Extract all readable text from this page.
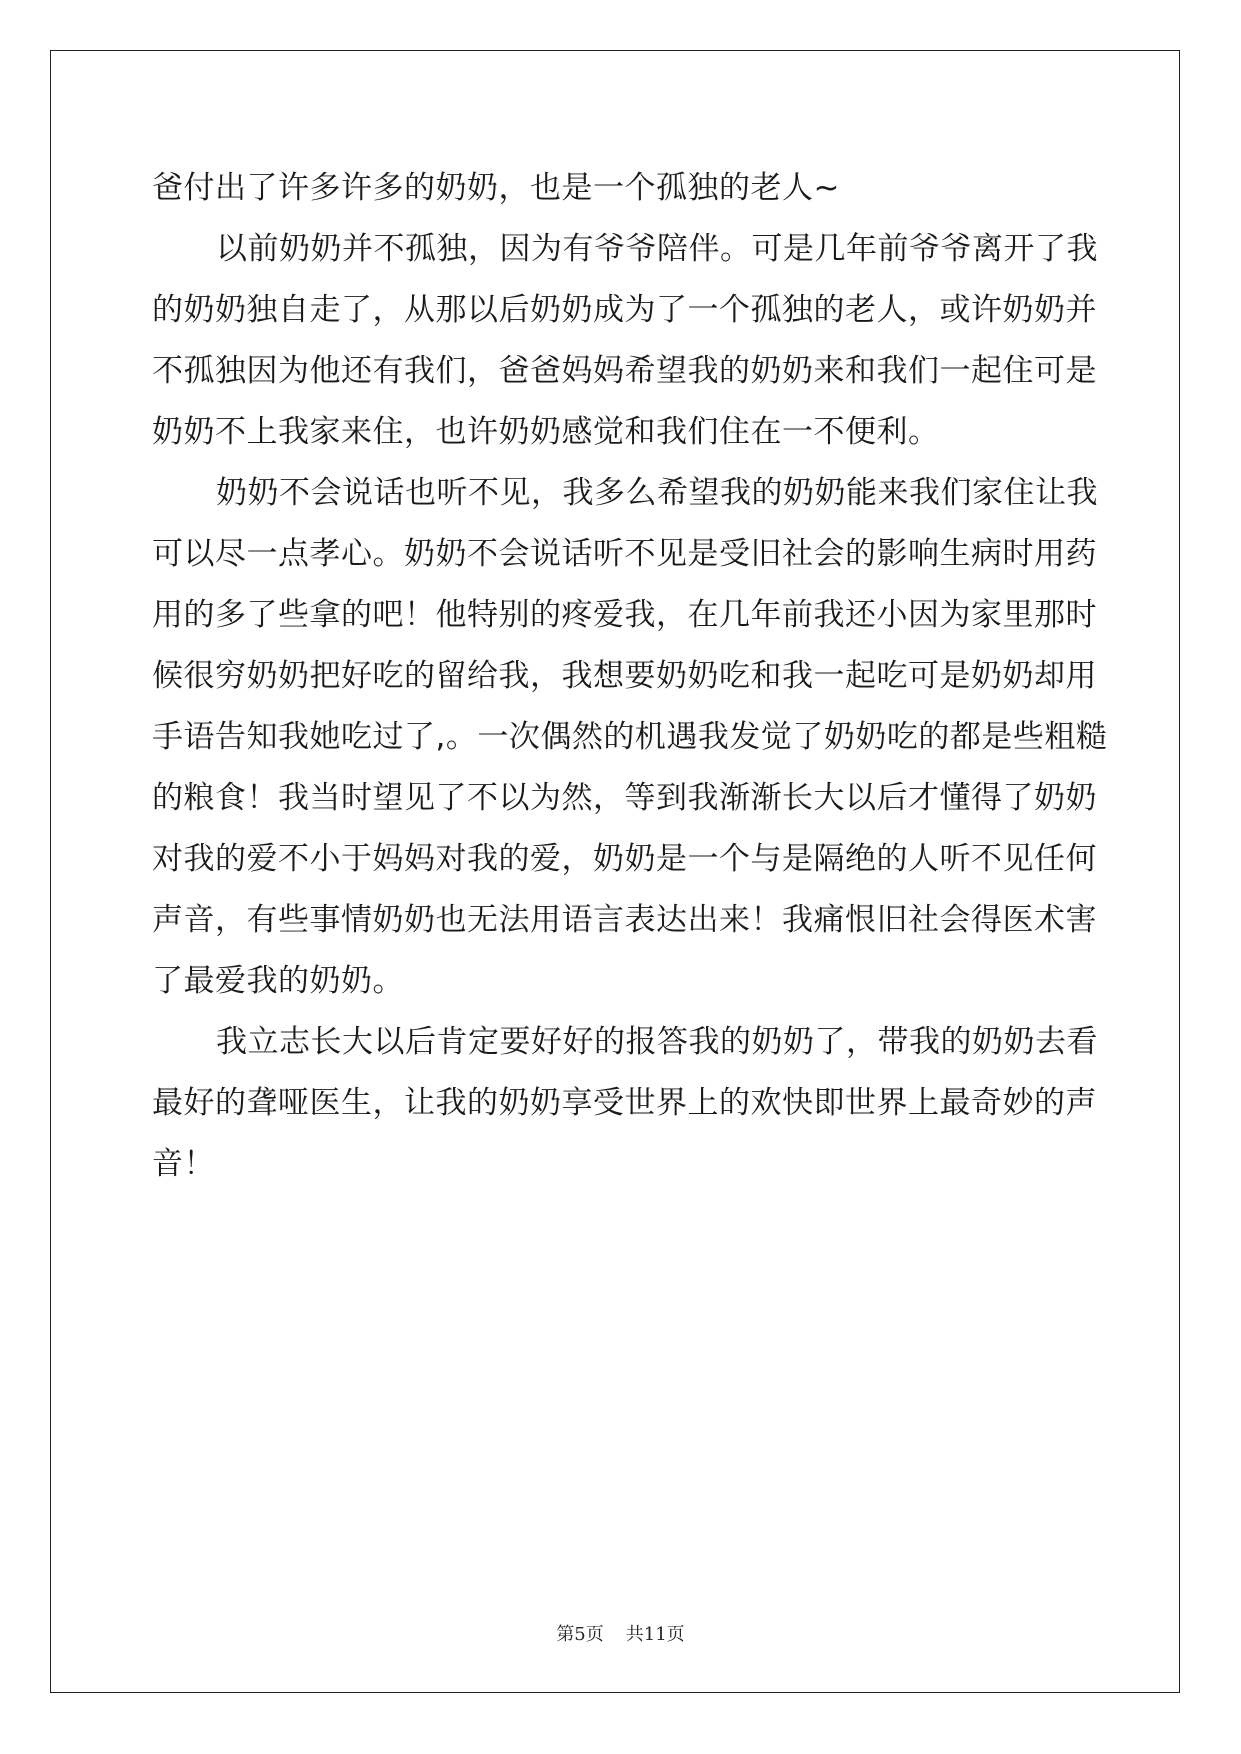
爸付出了许多许多的奶奶，也是一个孤独的老人~
以前奶奶并不孤独，因为有爷爷陪伴。可是几年前爷爷离开了我
的奶奶独自走了，从那以后奶奶成为了一个孤独的老人，或许奶奶并
不孤独因为他还有我们，爸爸妈妈希望我的奶奶来和我们一起住可是
奶奶不上我家来住，也许奶奶感觉和我们住在一不便利。
奶奶不会说话也听不见，我多么希望我的奶奶能来我们家住让我
可以尽一点孝心。奶奶不会说话听不见是受旧社会的影响生病时用药
用的多了些拿的吧！他特别的疼爱我，在几年前我还小因为家里那时
候很穷奶奶把好吃的留给我，我想要奶奶吃和我一起吃可是奶奶却用
手语告知我她吃过了,。一次偶然的机遇我发觉了奶奶吃的都是些粗糙
的粮食！我当时望见了不以为然，等到我渐渐长大以后才懂得了奶奶
对我的爱不小于妈妈对我的爱，奶奶是一个与是隔绝的人听不见任何
声音，有些事情奶奶也无法用语言表达出来！我痛恨旧社会得医术害
了最爱我的奶奶。
我立志长大以后肯定要好好的报答我的奶奶了，带我的奶奶去看
最好的聋哑医生，让我的奶奶享受世界上的欢快即世界上最奇妙的声
音！
第5页 共11页
